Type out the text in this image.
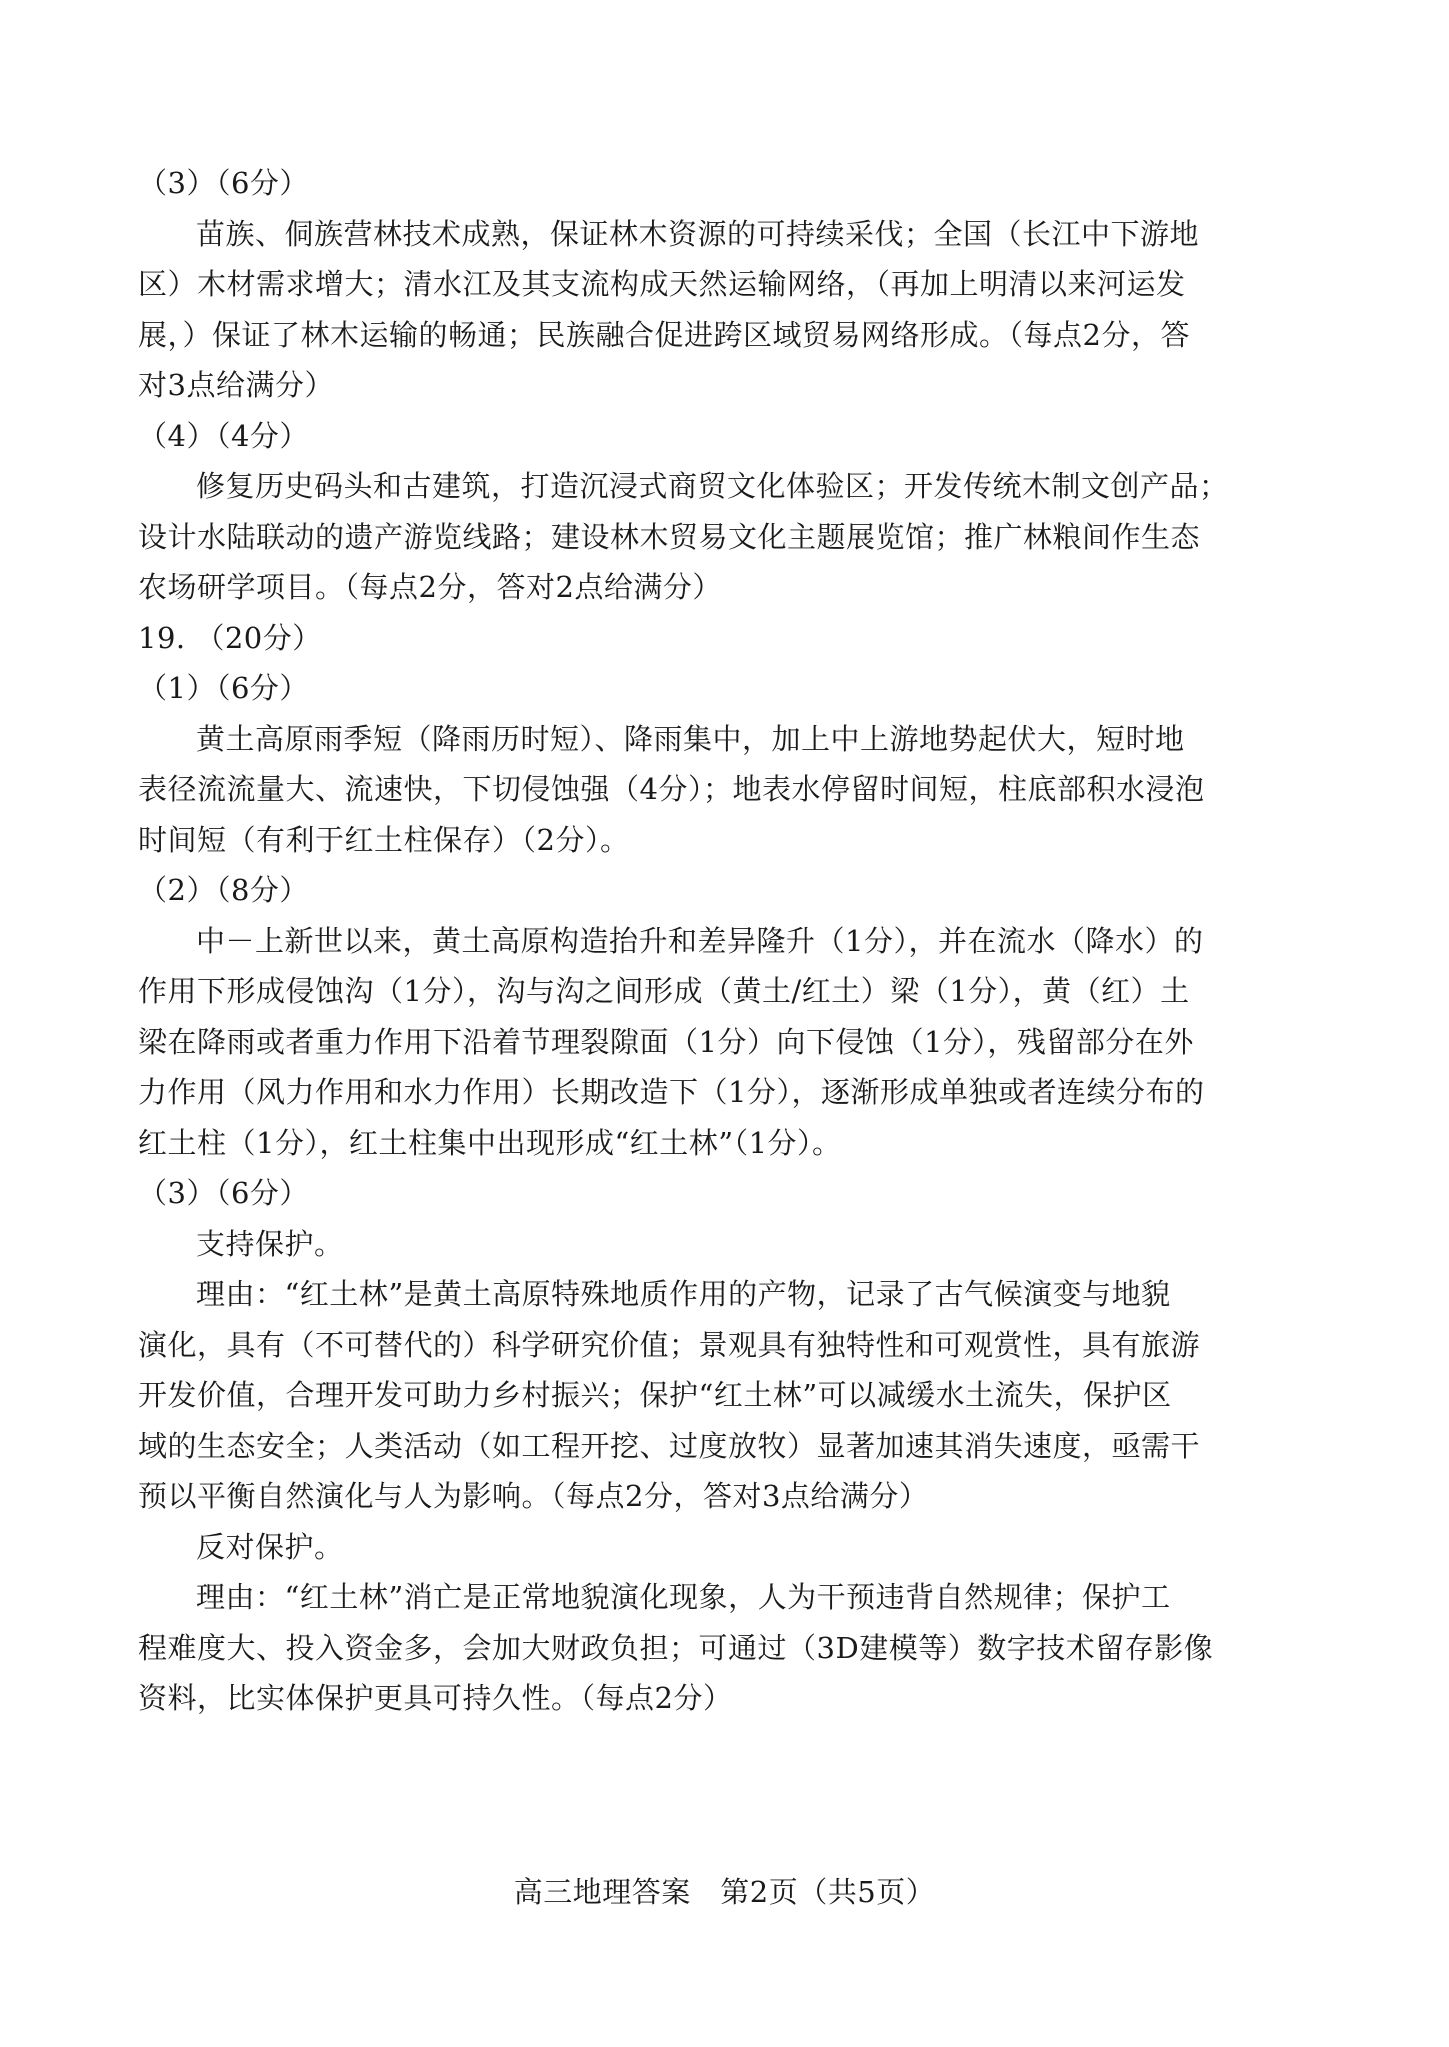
（3）（6分）
苗族、侗族营林技术成熟，保证林木资源的可持续采伐；全国（长江中下游地
区）木材需求增大；清水江及其支流构成天然运输网络，（再加上明清以来河运发
展，）保证了林木运输的畅通；民族融合促进跨区域贸易网络形成。（每点2分，答
对3点给满分）
（4）（4分）
修复历史码头和古建筑，打造沉浸式商贸文化体验区；开发传统木制文创产品；
设计水陆联动的遗产游览线路；建设林木贸易文化主题展览馆；推广林粮间作生态
农场研学项目。（每点2分，答对2点给满分）
19. （20分）
（1）（6分）
黄土高原雨季短（降雨历时短）、降雨集中，加上中上游地势起伏大，短时地
表径流流量大、流速快，下切侵蚀强（4分）；地表水停留时间短，柱底部积水浸泡
时间短（有利于红土柱保存）（2分）。
（2）（8分）
中－上新世以来，黄土高原构造抬升和差异隆升（1分），并在流水（降水）的
作用下形成侵蚀沟（1分），沟与沟之间形成（黄土/红土）梁（1分），黄（红）土
梁在降雨或者重力作用下沿着节理裂隙面（1分）向下侵蚀（1分），残留部分在外
力作用（风力作用和水力作用）长期改造下（1分），逐渐形成单独或者连续分布的
红土柱（1分），红土柱集中出现形成“红土林”（1分）。
（3）（6分）
支持保护。
理由：“红土林”是黄土高原特殊地质作用的产物，记录了古气候演变与地貌
演化，具有（不可替代的）科学研究价值；景观具有独特性和可观赏性，具有旅游
开发价值，合理开发可助力乡村振兴；保护“红土林”可以减缓水土流失，保护区
域的生态安全；人类活动（如工程开挖、过度放牧）显著加速其消失速度，亟需干
预以平衡自然演化与人为影响。（每点2分，答对3点给满分）
反对保护。
理由：“红土林”消亡是正常地貌演化现象，人为干预违背自然规律；保护工
程难度大、投入资金多，会加大财政负担；可通过（3D建模等）数字技术留存影像
资料，比实体保护更具可持久性。（每点2分）
高三地理答案　第2页（共5页）
